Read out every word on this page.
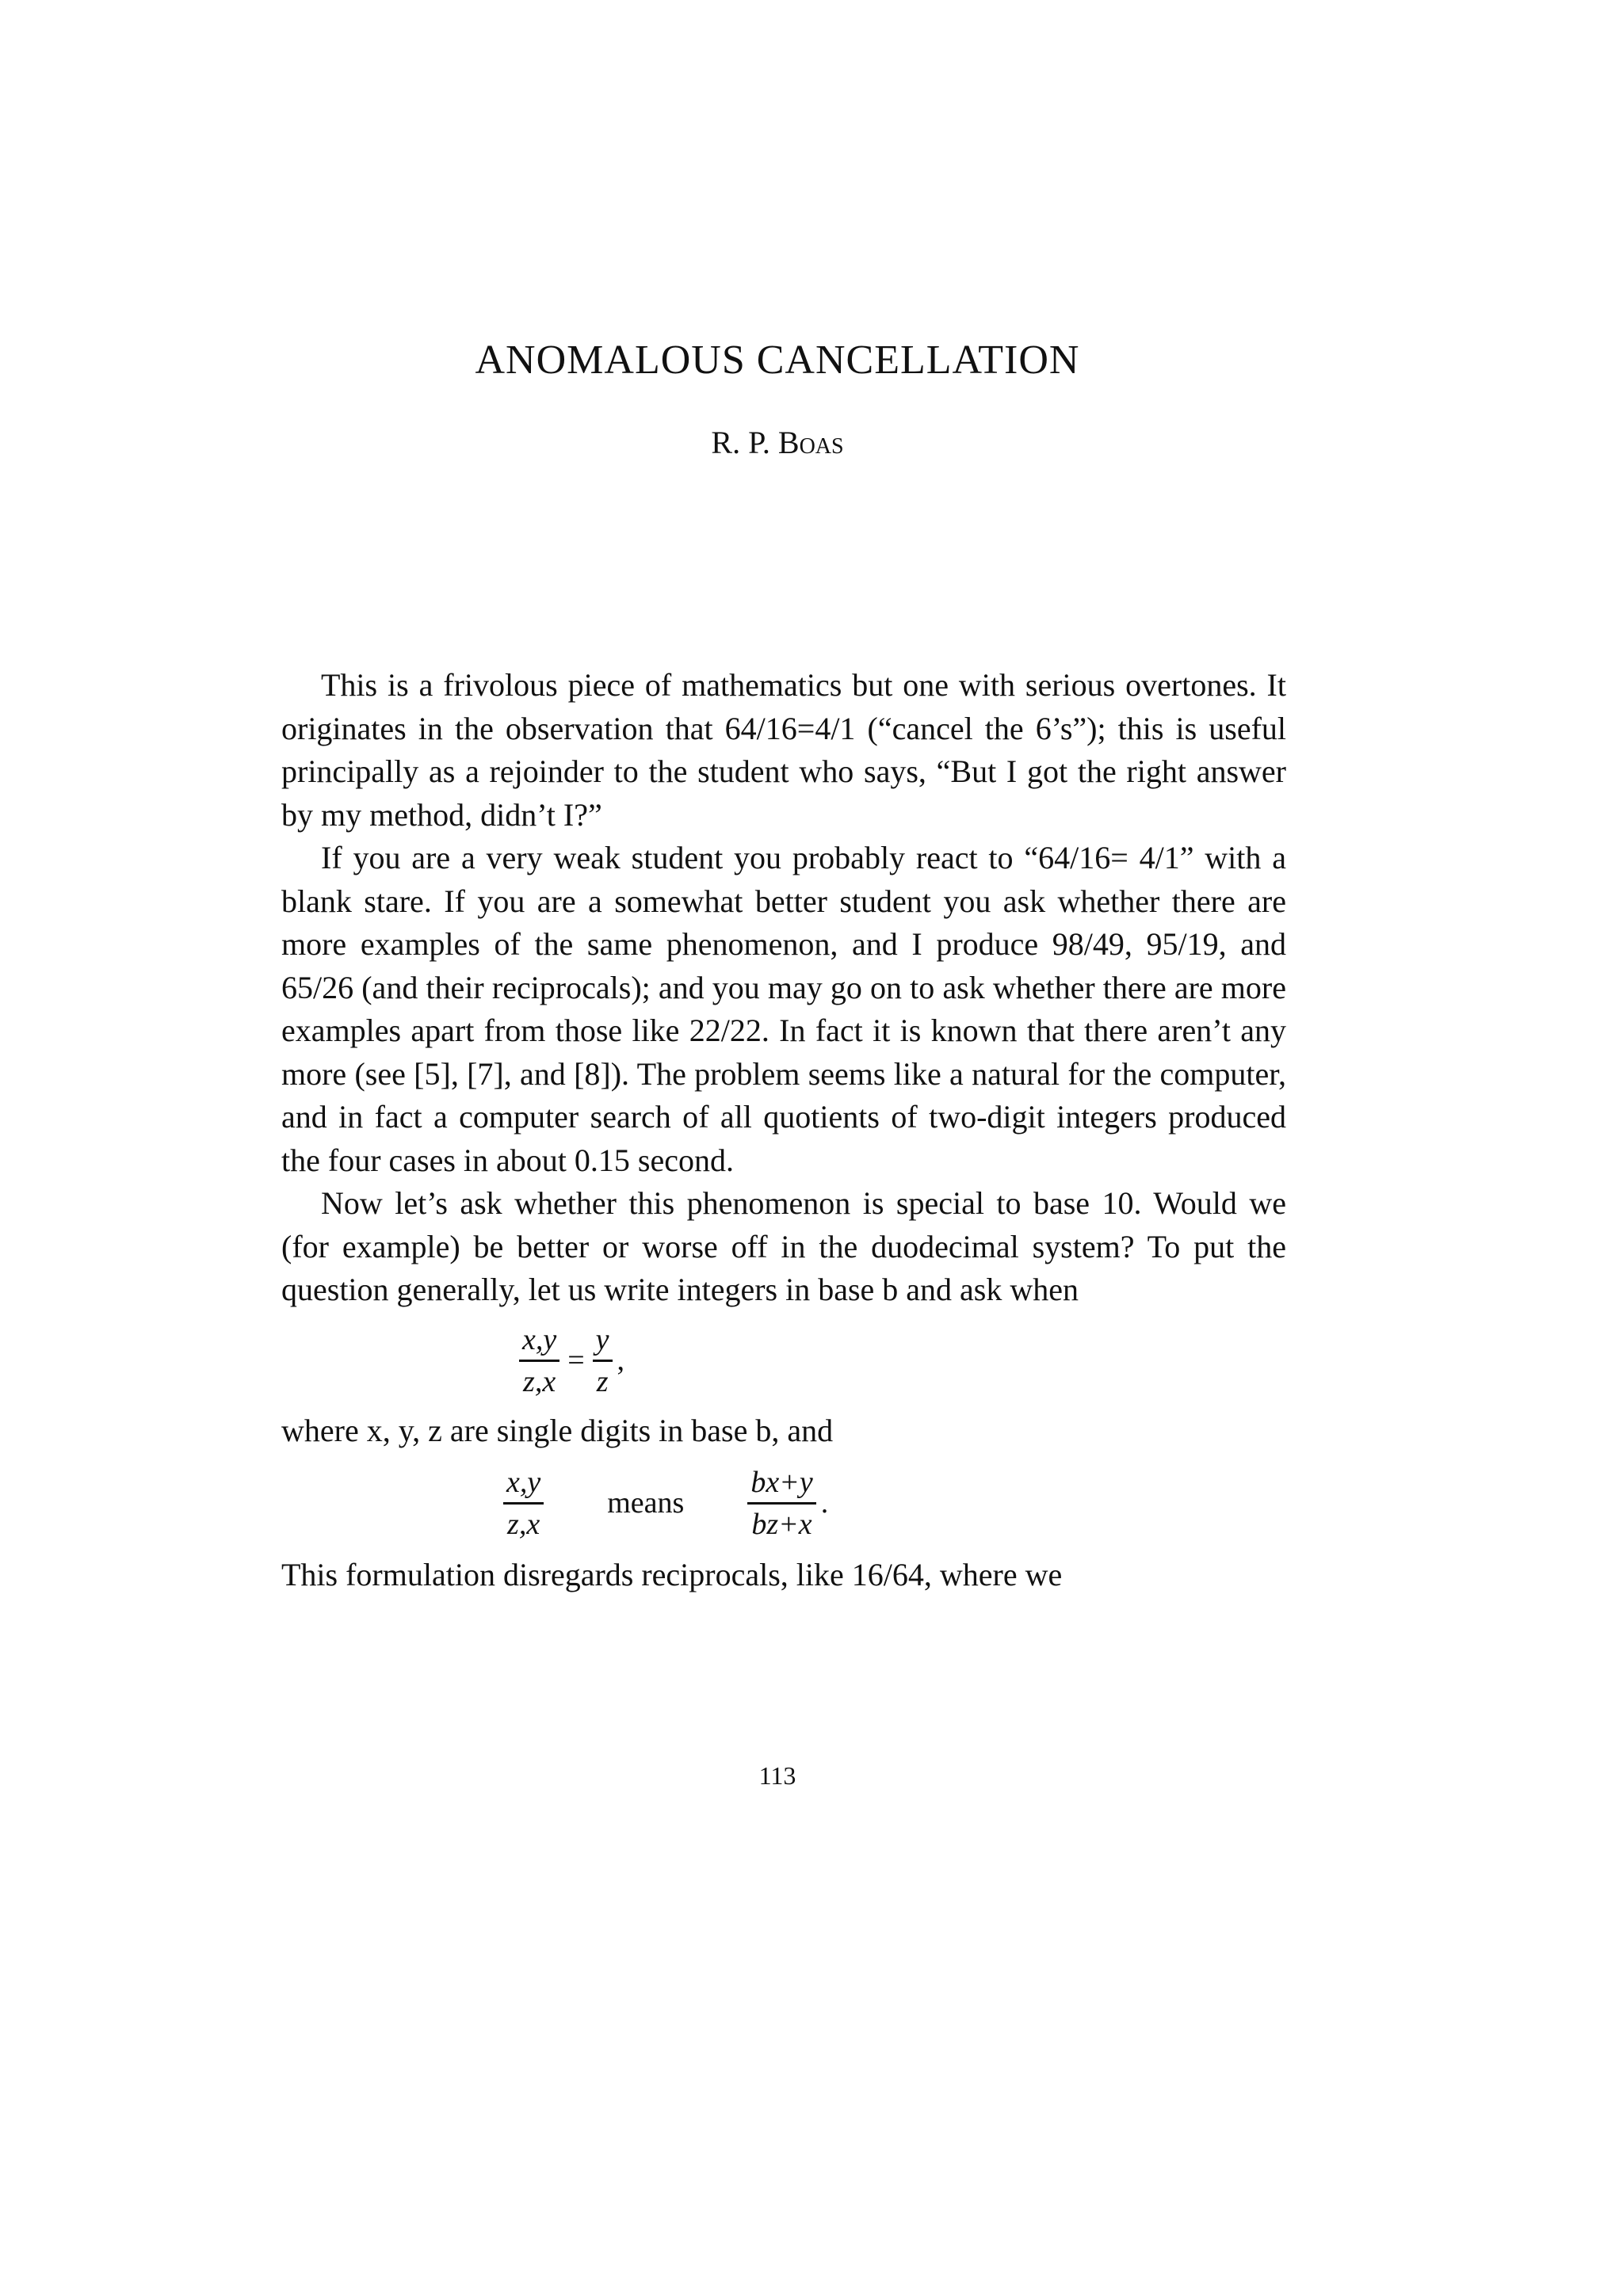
ANOMALOUS CANCELLATION
R. P. Boas

This is a frivolous piece of mathematics but one with serious overtones. It originates in the observation that 64/16=4/1 (“cancel the 6’s”); this is useful principally as a rejoinder to the student who says, “But I got the right answer by my method, didn’t I?”

If you are a very weak student you probably react to “64/16= 4/1” with a blank stare. If you are a somewhat better student you ask whether there are more examples of the same phenomenon, and I produce 98/49, 95/19, and 65/26 (and their reciprocals); and you may go on to ask whether there are more examples apart from those like 22/22. In fact it is known that there aren’t any more (see [5], [7], and [8]). The problem seems like a natural for the computer, and in fact a computer search of all quotients of two-digit integers produced the four cases in about 0.15 second.

Now let’s ask whether this phenomenon is special to base 10. Would we (for example) be better or worse off in the duodecimal system? To put the question generally, let us write integers in base b and ask when

$\frac{x,y}{z,x} = \frac{y}{z}$ ,

where x, y, z are single digits in base b, and

$\frac{x,y}{z,x}$ means $\frac{bx+y}{bz+x}$ .

This formulation disregards reciprocals, like 16/64, where we

113
